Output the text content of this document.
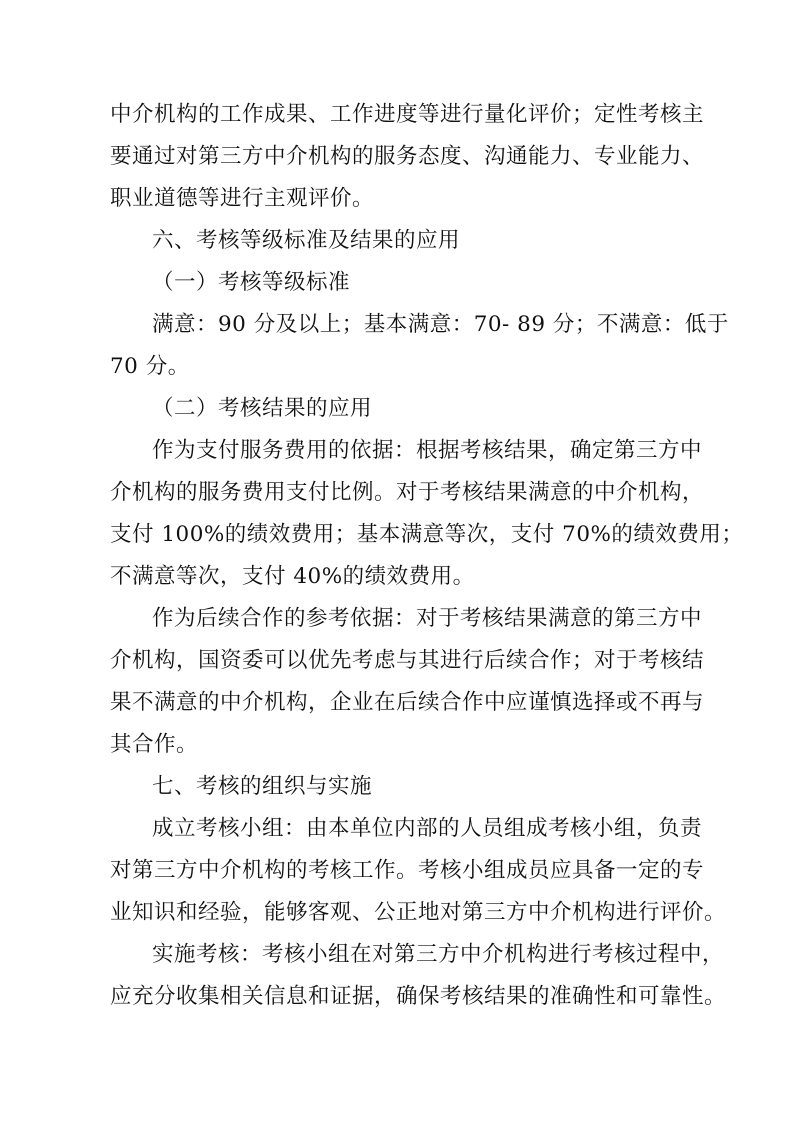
中介机构的工作成果、工作进度等进行量化评价；定性考核主
要通过对第三方中介机构的服务态度、沟通能力、专业能力、
职业道德等进行主观评价。
六、考核等级标准及结果的应用
（一）考核等级标准
满意：90 分及以上；基本满意：70- 89 分；不满意：低于
70 分。
（二）考核结果的应用
作为支付服务费用的依据：根据考核结果，确定第三方中
介机构的服务费用支付比例。对于考核结果满意的中介机构，
支付 100%的绩效费用；基本满意等次，支付 70%的绩效费用；
不满意等次，支付 40%的绩效费用。
作为后续合作的参考依据：对于考核结果满意的第三方中
介机构，国资委可以优先考虑与其进行后续合作；对于考核结
果不满意的中介机构，企业在后续合作中应谨慎选择或不再与
其合作。
七、考核的组织与实施
成立考核小组：由本单位内部的人员组成考核小组，负责
对第三方中介机构的考核工作。考核小组成员应具备一定的专
业知识和经验，能够客观、公正地对第三方中介机构进行评价。
实施考核：考核小组在对第三方中介机构进行考核过程中，
应充分收集相关信息和证据，确保考核结果的准确性和可靠性。
